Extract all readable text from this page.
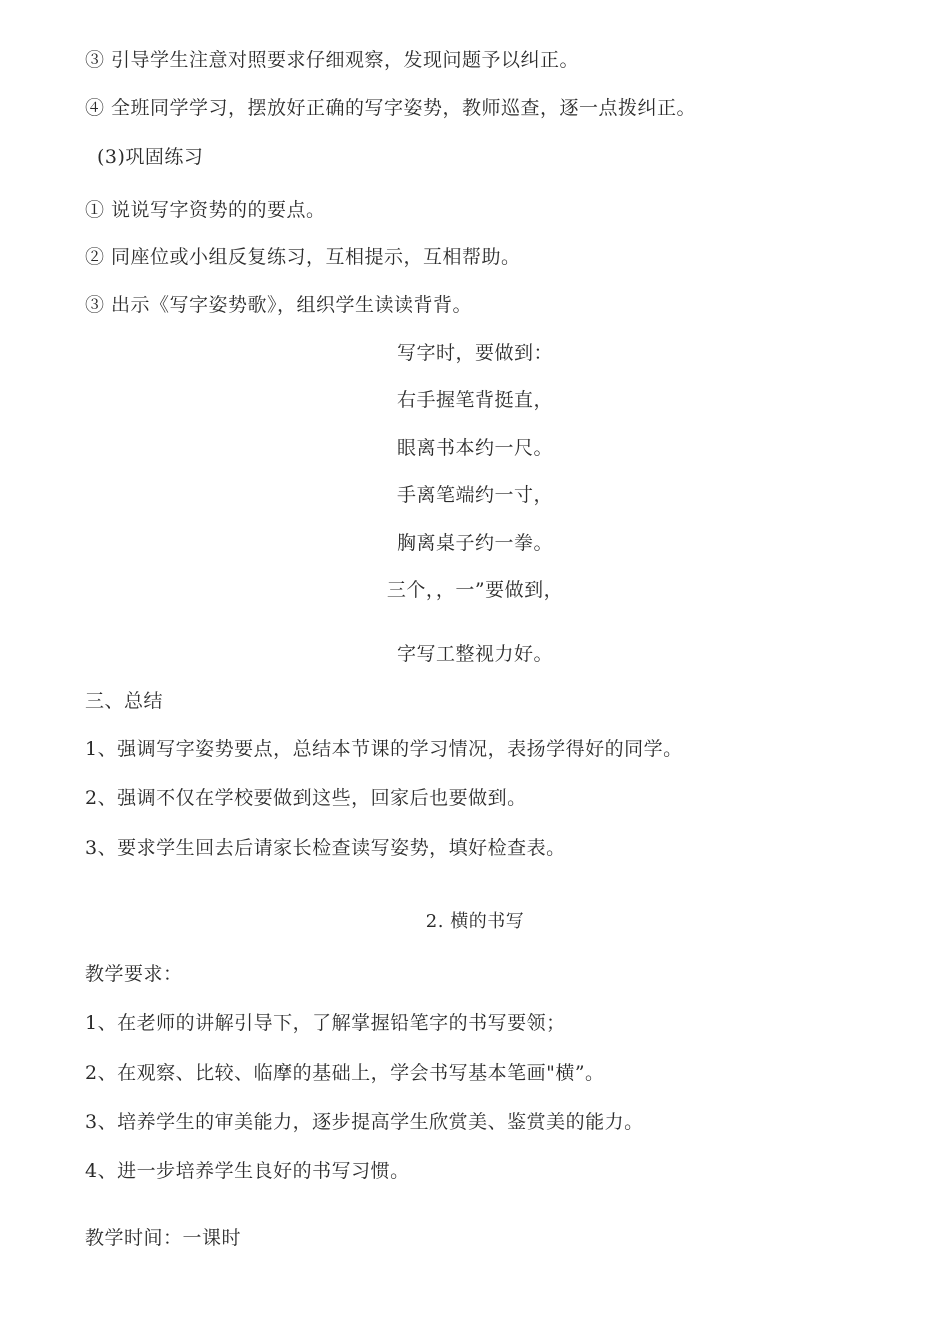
③ 引导学生注意对照要求仔细观察，发现问题予以纠正。
④ 全班同学学习，摆放好正确的写字姿势，教师巡查，逐一点拨纠正。
(3)巩固练习
① 说说写字资势的的要点。
② 同座位或小组反复练习，互相提示，互相帮助。
③ 出示《写字姿势歌》，组织学生读读背背。
写字时，要做到：
右手握笔背挺直，
眼离书本约一尺。
手离笔端约一寸，
胸离桌子约一拳。
三个，，一”要做到，
字写工整视力好。
三、总结
1、强调写字姿势要点，总结本节课的学习情况，表扬学得好的同学。
2、强调不仅在学校要做到这些，回家后也要做到。
3、要求学生回去后请家长检查读写姿势，填好检查表。
2. 横的书写
教学要求：
1、在老师的讲解引导下，了解掌握铅笔字的书写要领；
2、在观察、比较、临摩的基础上，学会书写基本笔画"横”。
3、培养学生的审美能力，逐步提高学生欣赏美、鉴赏美的能力。
4、进一步培养学生良好的书写习惯。
教学时间：一课时
